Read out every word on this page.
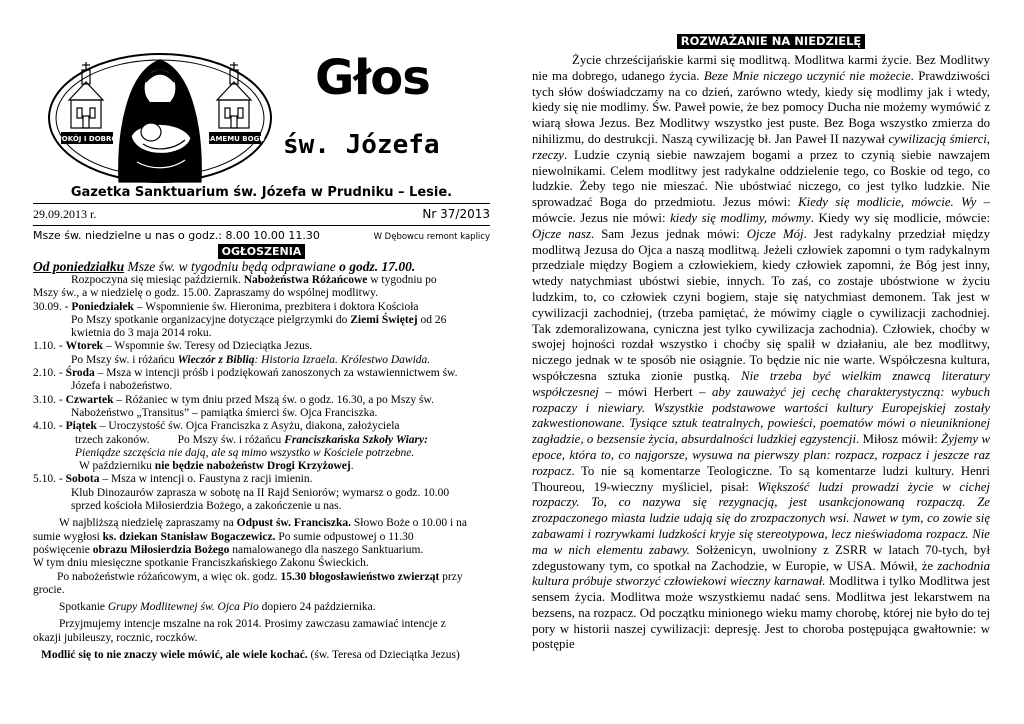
POKÓJ I DOBRO	SAMEMU BOGU
Głos
św. Józefa
Gazetka Sanktuarium św. Józefa w Prudniku – Lesie.
29.09.2013 r.	Nr 37/2013
Msze św. niedzielne u nas o godz.: 8.00 10.00 11.30	W Dębowcu remont kaplicy
OGŁOSZENIA

Od poniedziałku Msze św. w tygodniu będą odprawiane o godz. 17.00.

Rozpoczyna się miesiąc październik. Nabożeństwa Różańcowe w tygodniu po

Mszy św., a w niedzielę o godz. 15.00. Zapraszamy do wspólnej modlitwy.

30.09. - Poniedziałek – Wspomnienie św. Hieronima, prezbitera i doktora Kościoła

Po Mszy spotkanie organizacyjne dotyczące pielgrzymki do Ziemi Świętej od 26

kwietnia do 3 maja 2014 roku.

1.10. - Wtorek – Wspomnie św. Teresy od Dzieciątka Jezus.

Po Mszy św. i różańcu Wieczór z Biblią: Historia Izraela. Królestwo Dawida.

2.10. - Środa – Msza w intencji próśb i podziękowań zanoszonych za wstawiennictwem św.

Józefa i nabożeństwo.

3.10. - Czwartek – Różaniec w tym dniu przed Mszą św. o godz. 16.30, a po Mszy św.

Nabożeństwo „Transitus” – pamiątka śmierci św. Ojca Franciszka.

4.10. - Piątek – Uroczystość św. Ojca Franciszka z Asyżu, diakona, założyciela

trzech zakonów. Po Mszy św. i różańcu Franciszkańska Szkoły Wiary:

Pieniądze szczęścia nie dają, ale są mimo wszystko w Kościele potrzebne.

W październiku nie będzie nabożeństw Drogi Krzyżowej.

5.10. - Sobota – Msza w intencji o. Faustyna z racji imienin.

Klub Dinozaurów zaprasza w sobotę na II Rajd Seniorów; wymarsz o godz. 10.00

sprzed kościoła Miłosierdzia Bożego, a zakończenie u nas.

W najbliższą niedzielę zapraszamy na Odpust św. Franciszka. Słowo Boże o 10.00 i na

sumie wygłosi ks. dziekan Stanisław Bogaczewicz. Po sumie odpustowej o 11.30

poświęcenie obrazu Miłosierdzia Bożego namalowanego dla naszego Sanktuarium.

W tym dniu miesięczne spotkanie Franciszkańskiego Zakonu Świeckich.

Po nabożeństwie różańcowym, a więc ok. godz. 15.30 błogosławieństwo zwierząt przy

grocie.

Spotkanie Grupy Modlitewnej św. Ojca Pio dopiero 24 października.

Przyjmujemy intencje mszalne na rok 2014. Prosimy zawczasu zamawiać intencje z

okazji jubileuszy, rocznic, roczków.

Modlić się to nie znaczy wiele mówić, ale wiele kochać. (św. Teresa od Dzieciątka Jezus)

ROZWAŻANIE NA NIEDZIELĘ

Życie chrześcijańskie karmi się modlitwą. Modlitwa karmi życie. Bez Modlitwy nie ma dobrego, udanego życia. Beze Mnie niczego uczynić nie możecie. Prawdziwości tych słów doświadczamy na co dzień, zarówno wtedy, kiedy się modlimy jak i wtedy, kiedy się nie modlimy. Św. Paweł powie, że bez pomocy Ducha nie możemy wymówić z wiarą słowa Jezus. Bez Modlitwy wszystko jest puste. Bez Boga wszystko zmierza do nihilizmu, do destrukcji. Naszą cywilizację bł. Jan Paweł II nazywał cywilizacją śmierci, rzeczy. Ludzie czynią siebie nawzajem bogami a przez to czynią siebie nawzajem niewolnikami. Celem modlitwy jest radykalne oddzielenie tego, co Boskie od tego, co ludzkie. Żeby tego nie mieszać. Nie ubóstwiać niczego, co jest tylko ludzkie. Nie sprowadzać Boga do przedmiotu. Jezus mówi: Kiedy się modlicie, mówcie. Wy – mówcie. Jezus nie mówi: kiedy się modlimy, mówmy. Kiedy wy się modlicie, mówcie: Ojcze nasz. Sam Jezus jednak mówi: Ojcze Mój. Jest radykalny przedział między modlitwą Jezusa do Ojca a naszą modlitwą. Jeżeli człowiek zapomni o tym radykalnym przedziale między Bogiem a człowiekiem, kiedy człowiek zapomni, że Bóg jest inny, wtedy natychmiast ubóstwi siebie, innych. To zaś, co zostaje ubóstwione w życiu ludzkim, to, co człowiek czyni bogiem, staje się natychmiast demonem. Tak jest w cywilizacji zachodniej, (trzeba pamiętać, że mówimy ciągle o cywilizacji zachodniej. Tak zdemoralizowana, cyniczna jest tylko cywilizacja zachodnia). Człowiek, choćby w swojej hojności rozdał wszystko i choćby się spalił w działaniu, ale bez modlitwy, niczego jednak w te sposób nie osiągnie. To będzie nic nie warte. Współczesna kultura, współczesna sztuka zionie pustką. Nie trzeba być wielkim znawcą literatury współczesnej – mówi Herbert – aby zauważyć jej cechę charakterystyczną: wybuch rozpaczy i niewiary. Wszystkie podstawowe wartości kultury Europejskiej zostały zakwestionowane. Tysiące sztuk teatralnych, powieści, poematów mówi o nieuniknionej zagładzie, o bezsensie życia, absurdalności ludzkiej egzystencji. Miłosz mówił: Żyjemy w epoce, która to, co najgorsze, wysuwa na pierwszy plan: rozpacz, rozpacz i jeszcze raz rozpacz. To nie są komentarze Teologiczne. To są komentarze ludzi kultury. Henri Thoureou, 19-wieczny myśliciel, pisał: Większość ludzi prowadzi życie w cichej rozpaczy. To, co nazywa się rezygnacją, jest usankcjonowaną rozpaczą. Ze zrozpaczonego miasta ludzie udają się do zrozpaczonych wsi. Nawet w tym, co zowie się zabawami i rozrywkami ludzkości kryje się stereotypowa, lecz nieświadoma rozpacz. Nie ma w nich elementu zabawy. Sołżenicyn, uwolniony z ZSRR w latach 70-tych, był zdegustowany tym, co spotkał na Zachodzie, w Europie, w USA. Mówił, że zachodnia kultura próbuje stworzyć człowiekowi wieczny karnawał. Modlitwa i tylko Modlitwa jest sensem życia. Modlitwa może wszystkiemu nadać sens. Modlitwa jest lekarstwem na bezsens, na rozpacz. Od początku minionego wieku mamy chorobę, której nie było do tej pory w historii naszej cywilizacji: depresję. Jest to choroba postępująca gwałtownie: w postępie
